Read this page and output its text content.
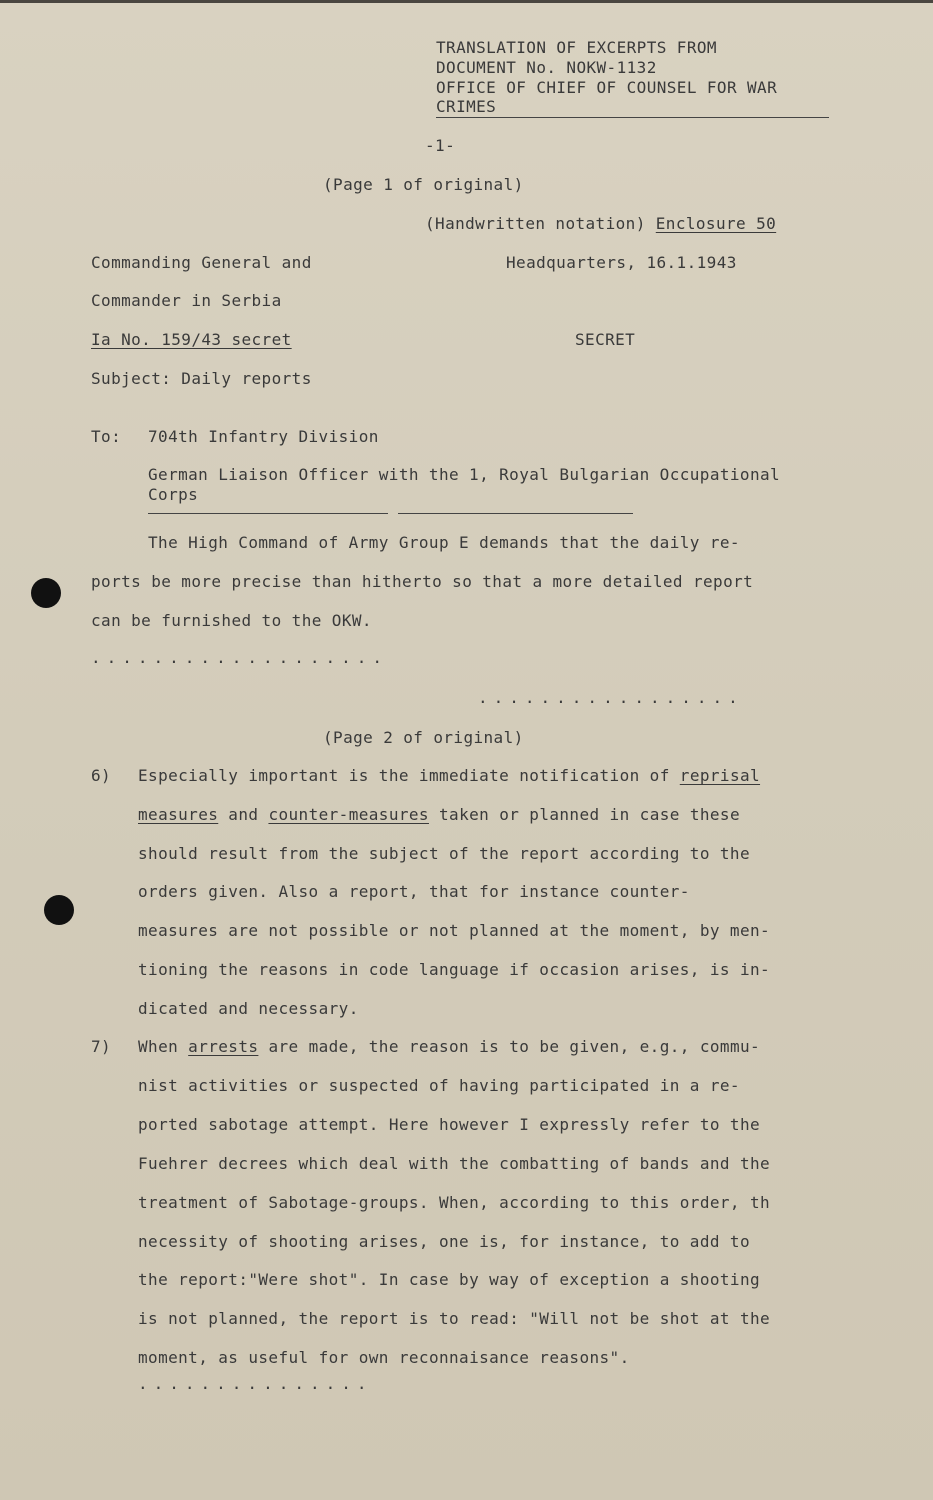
TRANSLATION OF EXCERPTS FROM
DOCUMENT No. NOKW-1132
OFFICE OF CHIEF OF COUNSEL FOR WAR
CRIMES
-1-
(Page 1 of original)
(Handwritten notation) Enclosure 50
Commanding General and	Headquarters, 16.1.1943
Commander in Serbia
Ia No. 159/43 secret	SECRET
Subject: Daily reports
To: 704th Infantry Division
German Liaison Officer with the 1, Royal Bulgarian Occupational
Corps
The High Command of Army Group E demands that the daily re-
ports be more precise than hitherto so that a more detailed report
can be furnished to the OKW.
...................
.................
(Page 2 of original)
6) Especially important is the immediate notification of reprisal
measures and counter-measures taken or planned in case these
should result from the subject of the report according to the
orders given. Also a report, that for instance counter-
measures are not possible or not planned at the moment, by men-
tioning the reasons in code language if occasion arises, is in-
dicated and necessary.
7) When arrests are made, the reason is to be given, e.g., commu-
nist activities or suspected of having participated in a re-
ported sabotage attempt. Here however I expressly refer to the
Fuehrer decrees which deal with the combatting of bands and the
treatment of Sabotage-groups. When, according to this order, th
necessity of shooting arises, one is, for instance, to add to
the report:"Were shot". In case by way of exception a shooting
is not planned, the report is to read: "Will not be shot at the
moment, as useful for own reconnaisance reasons".
...............
